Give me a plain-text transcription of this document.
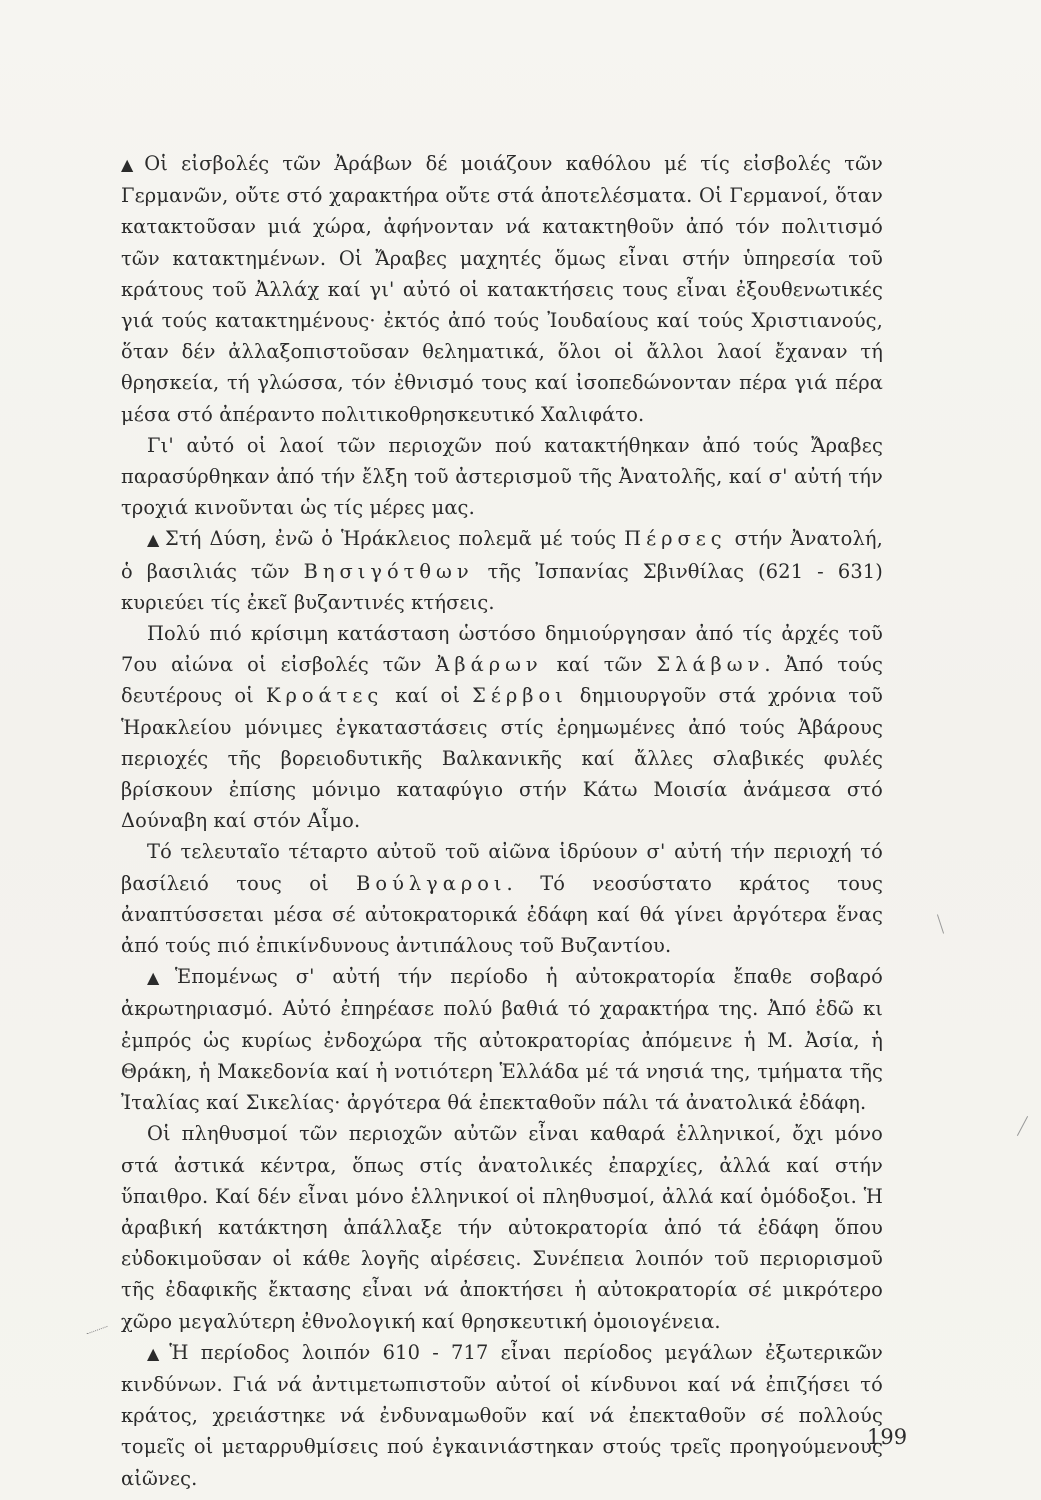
▲ Οἱ εἰσβολές τῶν Ἀράβων δέ μοιάζουν καθόλου μέ τίς εἰσβολές τῶν Γερμανῶν, οὔτε στό χαρακτήρα οὔτε στά ἀποτελέσματα. Οἱ Γερμανοί, ὅταν κατακτοῦσαν μιά χώρα, ἀφήνονταν νά κατακτηθοῦν ἀπό τόν πολιτισμό τῶν κατακτημένων. Οἱ Ἄραβες μαχητές ὅμως εἶναι στήν ὑπηρεσία τοῦ κράτους τοῦ Ἀλλάχ καί γι' αὐτό οἱ κατακτήσεις τους εἶναι ἐξουθενωτικές γιά τούς κατακτημένους· ἐκτός ἀπό τούς Ἰουδαίους καί τούς Χριστιανούς, ὅταν δέν ἀλλαξοπιστοῦσαν θεληματικά, ὅλοι οἱ ἄλλοι λαοί ἔχαναν τή θρησκεία, τή γλώσσα, τόν ἐθνισμό τους καί ἰσοπεδώνονταν πέρα γιά πέρα μέσα στό ἀπέραντο πολιτικοθρησκευτικό Χαλιφάτο.

Γι' αὐτό οἱ λαοί τῶν περιοχῶν πού κατακτήθηκαν ἀπό τούς Ἄραβες παρασύρθηκαν ἀπό τήν ἔλξη τοῦ ἀστερισμοῦ τῆς Ἀνατολῆς, καί σ' αὐτή τήν τροχιά κινοῦνται ὡς τίς μέρες μας.

▲ Στή Δύση, ἐνῶ ὁ Ἡράκλειος πολεμᾶ μέ τούς Πέρσες στήν Ἀνατολή, ὁ βασιλιάς τῶν Βησιγότθων τῆς Ἰσπανίας Σβινθίλας (621 - 631) κυριεύει τίς ἐκεῖ βυζαντινές κτήσεις.

Πολύ πιό κρίσιμη κατάσταση ὡστόσο δημιούργησαν ἀπό τίς ἀρχές τοῦ 7ου αἰώνα οἱ εἰσβολές τῶν Ἀβάρων καί τῶν Σλάβων. Ἀπό τούς δευτέρους οἱ Κροάτες καί οἱ Σέρβοι δημιουργοῦν στά χρόνια τοῦ Ἡρακλείου μόνιμες ἐγκαταστάσεις στίς ἐρημωμένες ἀπό τούς Ἀβάρους περιοχές τῆς βορειοδυτικῆς Βαλκανικῆς καί ἄλλες σλαβικές φυλές βρίσκουν ἐπίσης μόνιμο καταφύγιο στήν Κάτω Μοισία ἀνάμεσα στό Δούναβη καί στόν Αἷμο.

Τό τελευταῖο τέταρτο αὐτοῦ τοῦ αἰῶνα ἱδρύουν σ' αὐτή τήν περιοχή τό βασίλειό τους οἱ Βούλγαροι. Τό νεοσύστατο κράτος τους ἀναπτύσσεται μέσα σέ αὐτοκρατορικά ἐδάφη καί θά γίνει ἀργότερα ἕνας ἀπό τούς πιό ἐπικίνδυνους ἀντιπάλους τοῦ Βυζαντίου.

▲ Ἑπομένως σ' αὐτή τήν περίοδο ἡ αὐτοκρατορία ἔπαθε σοβαρό ἀκρωτηριασμό. Αὐτό ἐπηρέασε πολύ βαθιά τό χαρακτήρα της. Ἀπό ἐδῶ κι ἐμπρός ὡς κυρίως ἐνδοχώρα τῆς αὐτοκρατορίας ἀπόμεινε ἡ Μ. Ἀσία, ἡ Θράκη, ἡ Μακεδονία καί ἡ νοτιότερη Ἑλλάδα μέ τά νησιά της, τμήματα τῆς Ἰταλίας καί Σικελίας· ἀργότερα θά ἐπεκταθοῦν πάλι τά ἀνατολικά ἐδάφη.

Οἱ πληθυσμοί τῶν περιοχῶν αὐτῶν εἶναι καθαρά ἑλληνικοί, ὄχι μόνο στά ἀστικά κέντρα, ὅπως στίς ἀνατολικές ἐπαρχίες, ἀλλά καί στήν ὕπαιθρο. Καί δέν εἶναι μόνο ἑλληνικοί οἱ πληθυσμοί, ἀλλά καί ὁμόδοξοι. Ἡ ἀραβική κατάκτηση ἀπάλλαξε τήν αὐτοκρατορία ἀπό τά ἐδάφη ὅπου εὐδοκιμοῦσαν οἱ κάθε λογῆς αἱρέσεις. Συνέπεια λοιπόν τοῦ περιορισμοῦ τῆς ἐδαφικῆς ἔκτασης εἶναι νά ἀποκτήσει ἡ αὐτοκρατορία σέ μικρότερο χῶρο μεγαλύτερη ἐθνολογική καί θρησκευτική ὁμοιογένεια.

▲ Ἡ περίοδος λοιπόν 610 - 717 εἶναι περίοδος μεγάλων ἐξωτερικῶν κινδύνων. Γιά νά ἀντιμετωπιστοῦν αὐτοί οἱ κίνδυνοι καί νά ἐπιζήσει τό κράτος, χρειάστηκε νά ἐνδυναμωθοῦν καί νά ἐπεκταθοῦν σέ πολλούς τομεῖς οἱ μεταρρυθμίσεις πού ἐγκαινιάστηκαν στούς τρεῖς προηγούμενους αἰῶνες.

199
